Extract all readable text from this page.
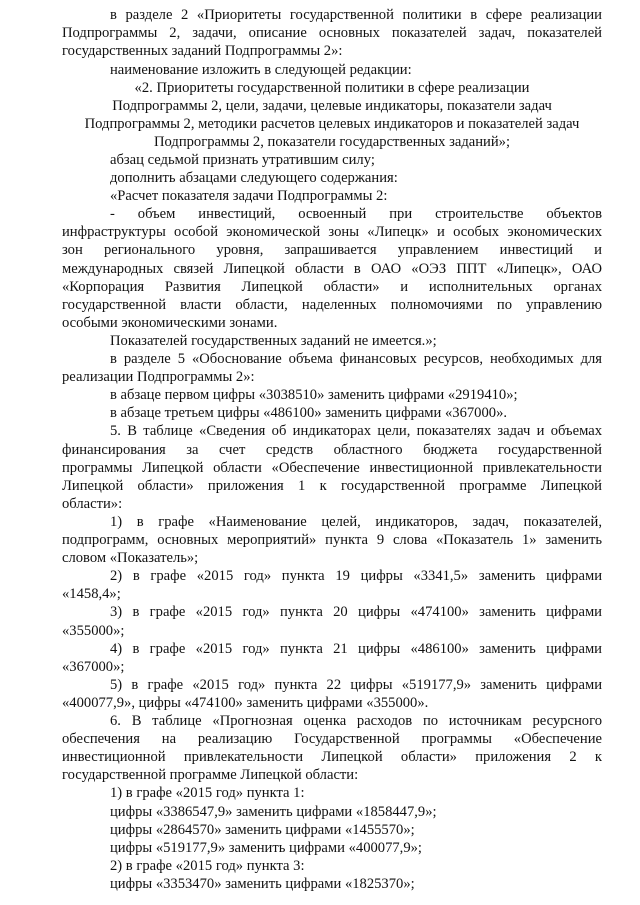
в разделе 2 «Приоритеты государственной политики в сфере реализации
Подпрограммы 2, задачи, описание основных показателей задач, показателей
государственных заданий Подпрограммы 2»:
наименование изложить в следующей редакции:
«2. Приоритеты государственной политики в сфере реализации
Подпрограммы 2, цели, задачи, целевые индикаторы, показатели задач
Подпрограммы 2, методики расчетов целевых индикаторов и показателей задач
Подпрограммы 2, показатели государственных заданий»;
абзац седьмой признать утратившим силу;
дополнить абзацами следующего содержания:
«Расчет показателя задачи Подпрограммы 2:
- объем инвестиций, освоенный при строительстве объектов
инфраструктуры особой экономической зоны «Липецк» и особых экономических
зон регионального уровня, запрашивается управлением инвестиций и
международных связей Липецкой области в ОАО «ОЭЗ ППТ «Липецк», ОАО
«Корпорация Развития Липецкой области» и исполнительных органах
государственной власти области, наделенных полномочиями по управлению
особыми экономическими зонами.
Показателей государственных заданий не имеется.»;
в разделе 5 «Обоснование объема финансовых ресурсов, необходимых для
реализации Подпрограммы 2»:
в абзаце первом цифры «3038510» заменить цифрами «2919410»;
в абзаце третьем цифры «486100» заменить цифрами «367000».
5. В таблице «Сведения об индикаторах цели, показателях задач и объемах
финансирования за счет средств областного бюджета государственной
программы Липецкой области «Обеспечение инвестиционной привлекательности
Липецкой области» приложения 1 к государственной программе Липецкой
области»:
1) в графе «Наименование целей, индикаторов, задач, показателей,
подпрограмм, основных мероприятий» пункта 9 слова «Показатель 1» заменить
словом «Показатель»;
2) в графе «2015 год» пункта 19 цифры «3341,5» заменить цифрами
«1458,4»;
3) в графе «2015 год» пункта 20 цифры «474100» заменить цифрами
«355000»;
4) в графе «2015 год» пункта 21 цифры «486100» заменить цифрами
«367000»;
5) в графе «2015 год» пункта 22 цифры «519177,9» заменить цифрами
«400077,9», цифры «474100» заменить цифрами «355000».
6. В таблице «Прогнозная оценка расходов по источникам ресурсного
обеспечения на реализацию Государственной программы «Обеспечение
инвестиционной привлекательности Липецкой области» приложения 2 к
государственной программе Липецкой области:
1) в графе «2015 год» пункта 1:
цифры «3386547,9» заменить цифрами «1858447,9»;
цифры «2864570» заменить цифрами «1455570»;
цифры «519177,9» заменить цифрами «400077,9»;
2) в графе «2015 год» пункта 3:
цифры «3353470» заменить цифрами «1825370»;
